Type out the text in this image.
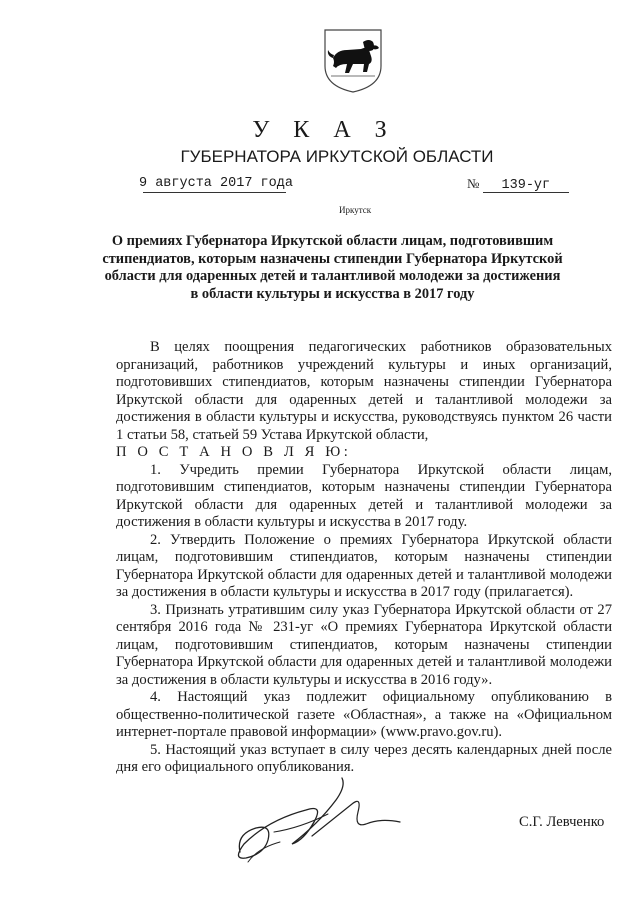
У К А З
ГУБЕРНАТОРА ИРКУТСКОЙ ОБЛАСТИ
9 августа 2017 года	№ 139-уг
Иркутск
О премиях Губернатора Иркутской области лицам, подготовившим стипендиатов, которым назначены стипендии Губернатора Иркутской области для одаренных детей и талантливой молодежи за достижения в области культуры и искусства в 2017 году

В целях поощрения педагогических работников образовательных организаций, работников учреждений культуры и иных организаций, подготовивших стипендиатов, которым назначены стипендии Губернатора Иркутской области для одаренных детей и талантливой молодежи за достижения в области культуры и искусства, руководствуясь пунктом 26 части 1 статьи 58, статьей 59 Устава Иркутской области,

П О С Т А Н О В Л Я Ю:

1. Учредить премии Губернатора Иркутской области лицам, подготовившим стипендиатов, которым назначены стипендии Губернатора Иркутской области для одаренных детей и талантливой молодежи за достижения в области культуры и искусства в 2017 году.

2. Утвердить Положение о премиях Губернатора Иркутской области лицам, подготовившим стипендиатов, которым назначены стипендии Губернатора Иркутской области для одаренных детей и талантливой молодежи за достижения в области культуры и искусства в 2017 году (прилагается).

3. Признать утратившим силу указ Губернатора Иркутской области от 27 сентября 2016 года № 231-уг «О премиях Губернатора Иркутской области лицам, подготовившим стипендиатов, которым назначены стипендии Губернатора Иркутской области для одаренных детей и талантливой молодежи за достижения в области культуры и искусства в 2016 году».

4. Настоящий указ подлежит официальному опубликованию в общественно-политической газете «Областная», а также на «Официальном интернет-портале правовой информации» (www.pravo.gov.ru).

5. Настоящий указ вступает в силу через десять календарных дней после дня его официального опубликования.

С.Г. Левченко
